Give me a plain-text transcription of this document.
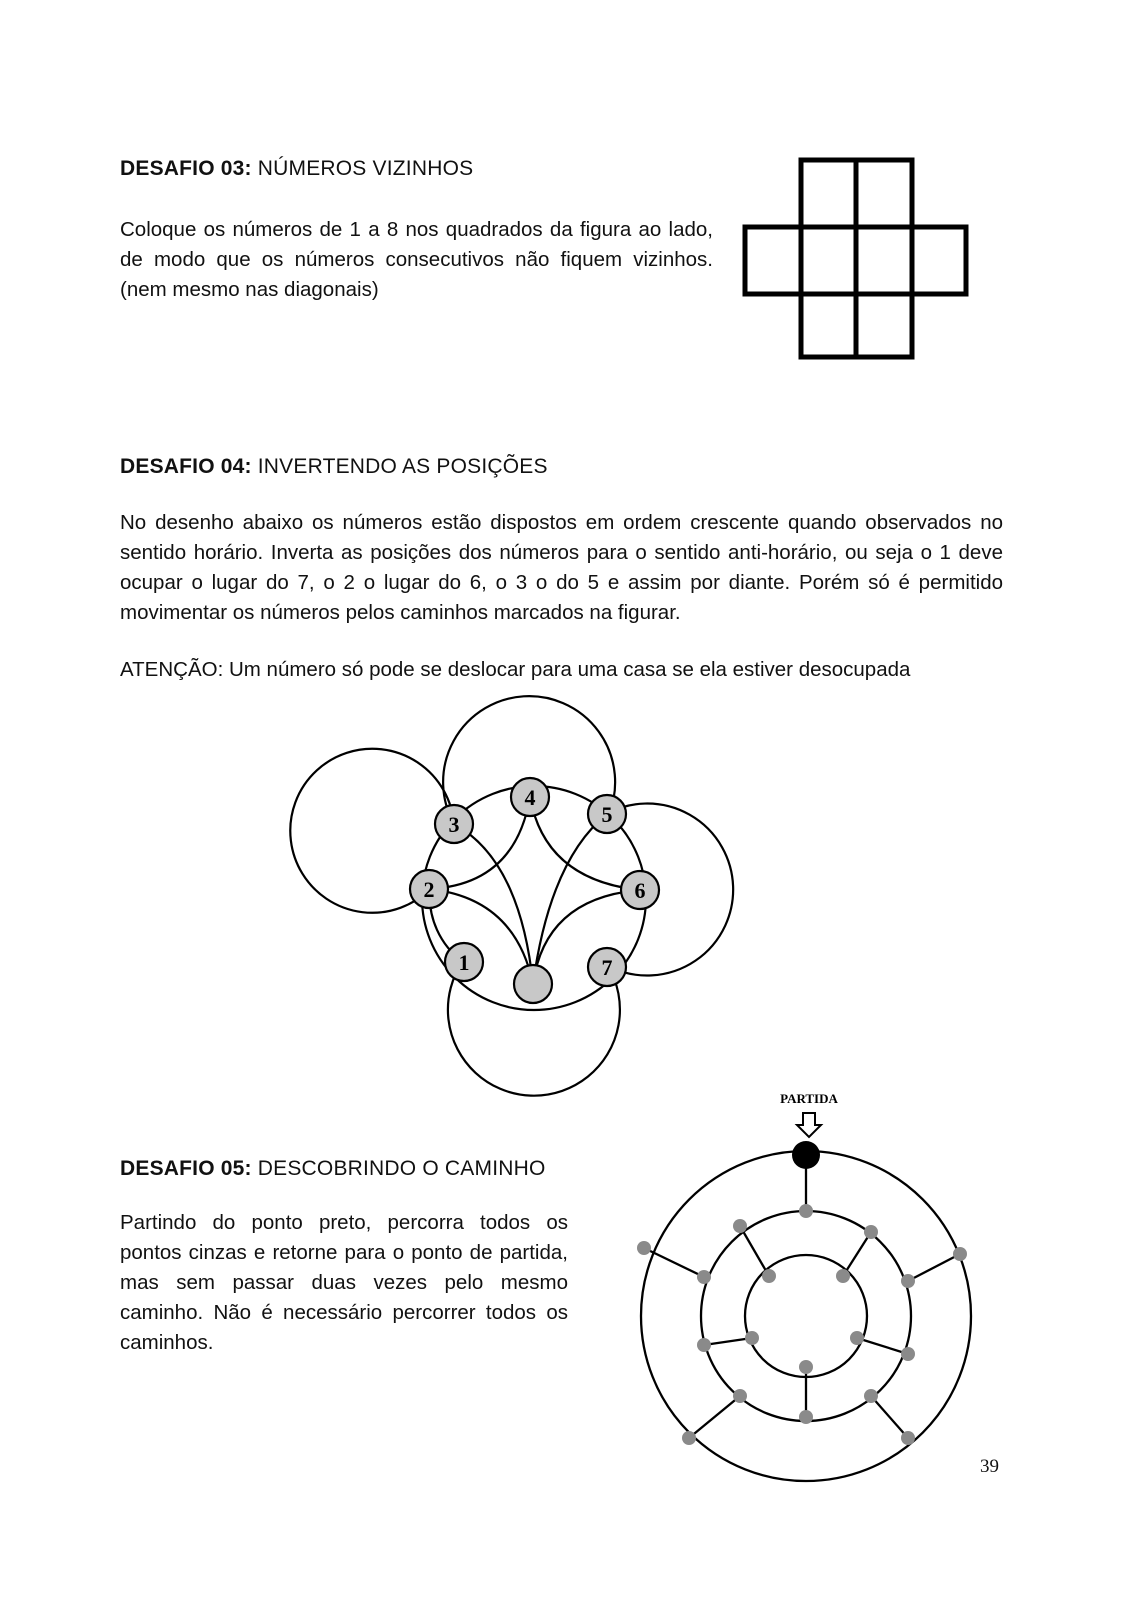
DESAFIO 03: NÚMEROS VIZINHOS

Coloque os números de 1 a 8 nos quadrados da figura ao lado, de modo que os números consecutivos não fiquem vizinhos. (nem mesmo nas diagonais)

DESAFIO 04: INVERTENDO AS POSIÇÕES

No desenho abaixo os números estão dispostos em ordem crescente quando observados no sentido horário. Inverta as posições dos números para o sentido anti-horário, ou seja o 1 deve ocupar o lugar do 7, o 2 o lugar do 6, o 3 o do 5 e assim por diante. Porém só é permitido movimentar os números pelos caminhos marcados na figurar.

ATENÇÃO: Um número só pode se deslocar para uma casa se ela estiver desocupada
1
2
3
4
5
6
7
DESAFIO 05: DESCOBRINDO O CAMINHO

Partindo do ponto preto, percorra todos os pontos cinzas e retorne para o ponto de partida, mas sem passar duas vezes pelo mesmo caminho. Não é necessário percorrer todos os caminhos.

PARTIDA
39
